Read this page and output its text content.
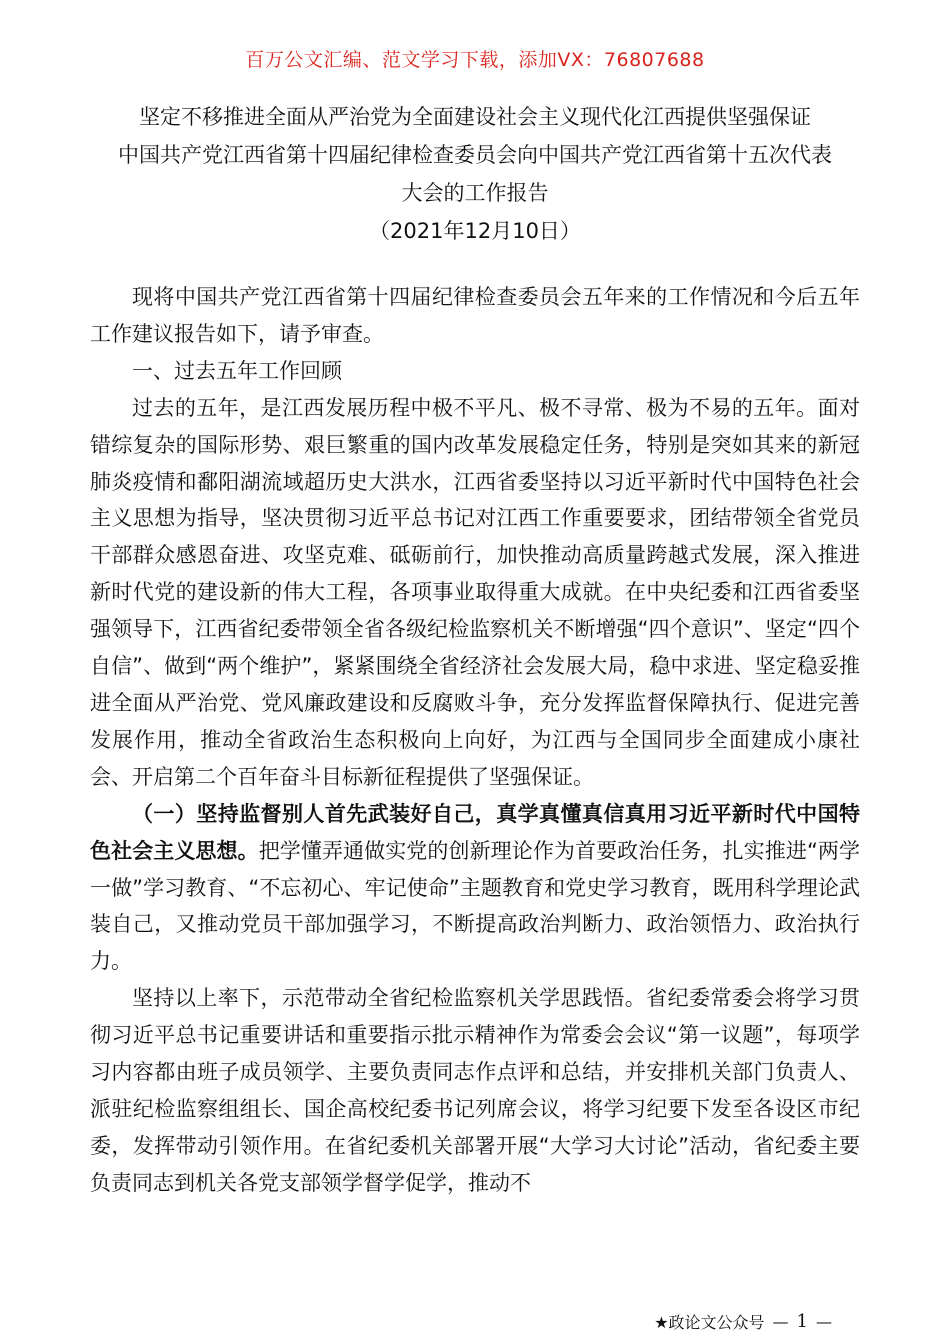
百万公文汇编、范文学习下载，添加VX：76807688
坚定不移推进全面从严治党为全面建设社会主义现代化江西提供坚强保证
中国共产党江西省第十四届纪律检查委员会向中国共产党江西省第十五次代表
大会的工作报告
（2021年12月10日）

现将中国共产党江西省第十四届纪律检查委员会五年来的工作情况和今后五年工作建议报告如下，请予审查。

一、过去五年工作回顾

过去的五年，是江西发展历程中极不平凡、极不寻常、极为不易的五年。面对错综复杂的国际形势、艰巨繁重的国内改革发展稳定任务，特别是突如其来的新冠肺炎疫情和鄱阳湖流域超历史大洪水，江西省委坚持以习近平新时代中国特色社会主义思想为指导，坚决贯彻习近平总书记对江西工作重要要求，团结带领全省党员干部群众感恩奋进、攻坚克难、砥砺前行，加快推动高质量跨越式发展，深入推进新时代党的建设新的伟大工程，各项事业取得重大成就。在中央纪委和江西省委坚强领导下，江西省纪委带领全省各级纪检监察机关不断增强“四个意识”、坚定“四个自信”、做到“两个维护”，紧紧围绕全省经济社会发展大局，稳中求进、坚定稳妥推进全面从严治党、党风廉政建设和反腐败斗争，充分发挥监督保障执行、促进完善发展作用，推动全省政治生态积极向上向好，为江西与全国同步全面建成小康社会、开启第二个百年奋斗目标新征程提供了坚强保证。

（一）坚持监督别人首先武装好自己，真学真懂真信真用习近平新时代中国特色社会主义思想。把学懂弄通做实党的创新理论作为首要政治任务，扎实推进“两学一做”学习教育、“不忘初心、牢记使命”主题教育和党史学习教育，既用科学理论武装自己，又推动党员干部加强学习，不断提高政治判断力、政治领悟力、政治执行力。

坚持以上率下，示范带动全省纪检监察机关学思践悟。省纪委常委会将学习贯彻习近平总书记重要讲话和重要指示批示精神作为常委会会议“第一议题”，每项学习内容都由班子成员领学、主要负责同志作点评和总结，并安排机关部门负责人、派驻纪检监察组组长、国企高校纪委书记列席会议，将学习纪要下发至各设区市纪委，发挥带动引领作用。在省纪委机关部署开展“大学习大讨论”活动，省纪委主要负责同志到机关各党支部领学督学促学，推动不

★政论文公众号 — 1 —
